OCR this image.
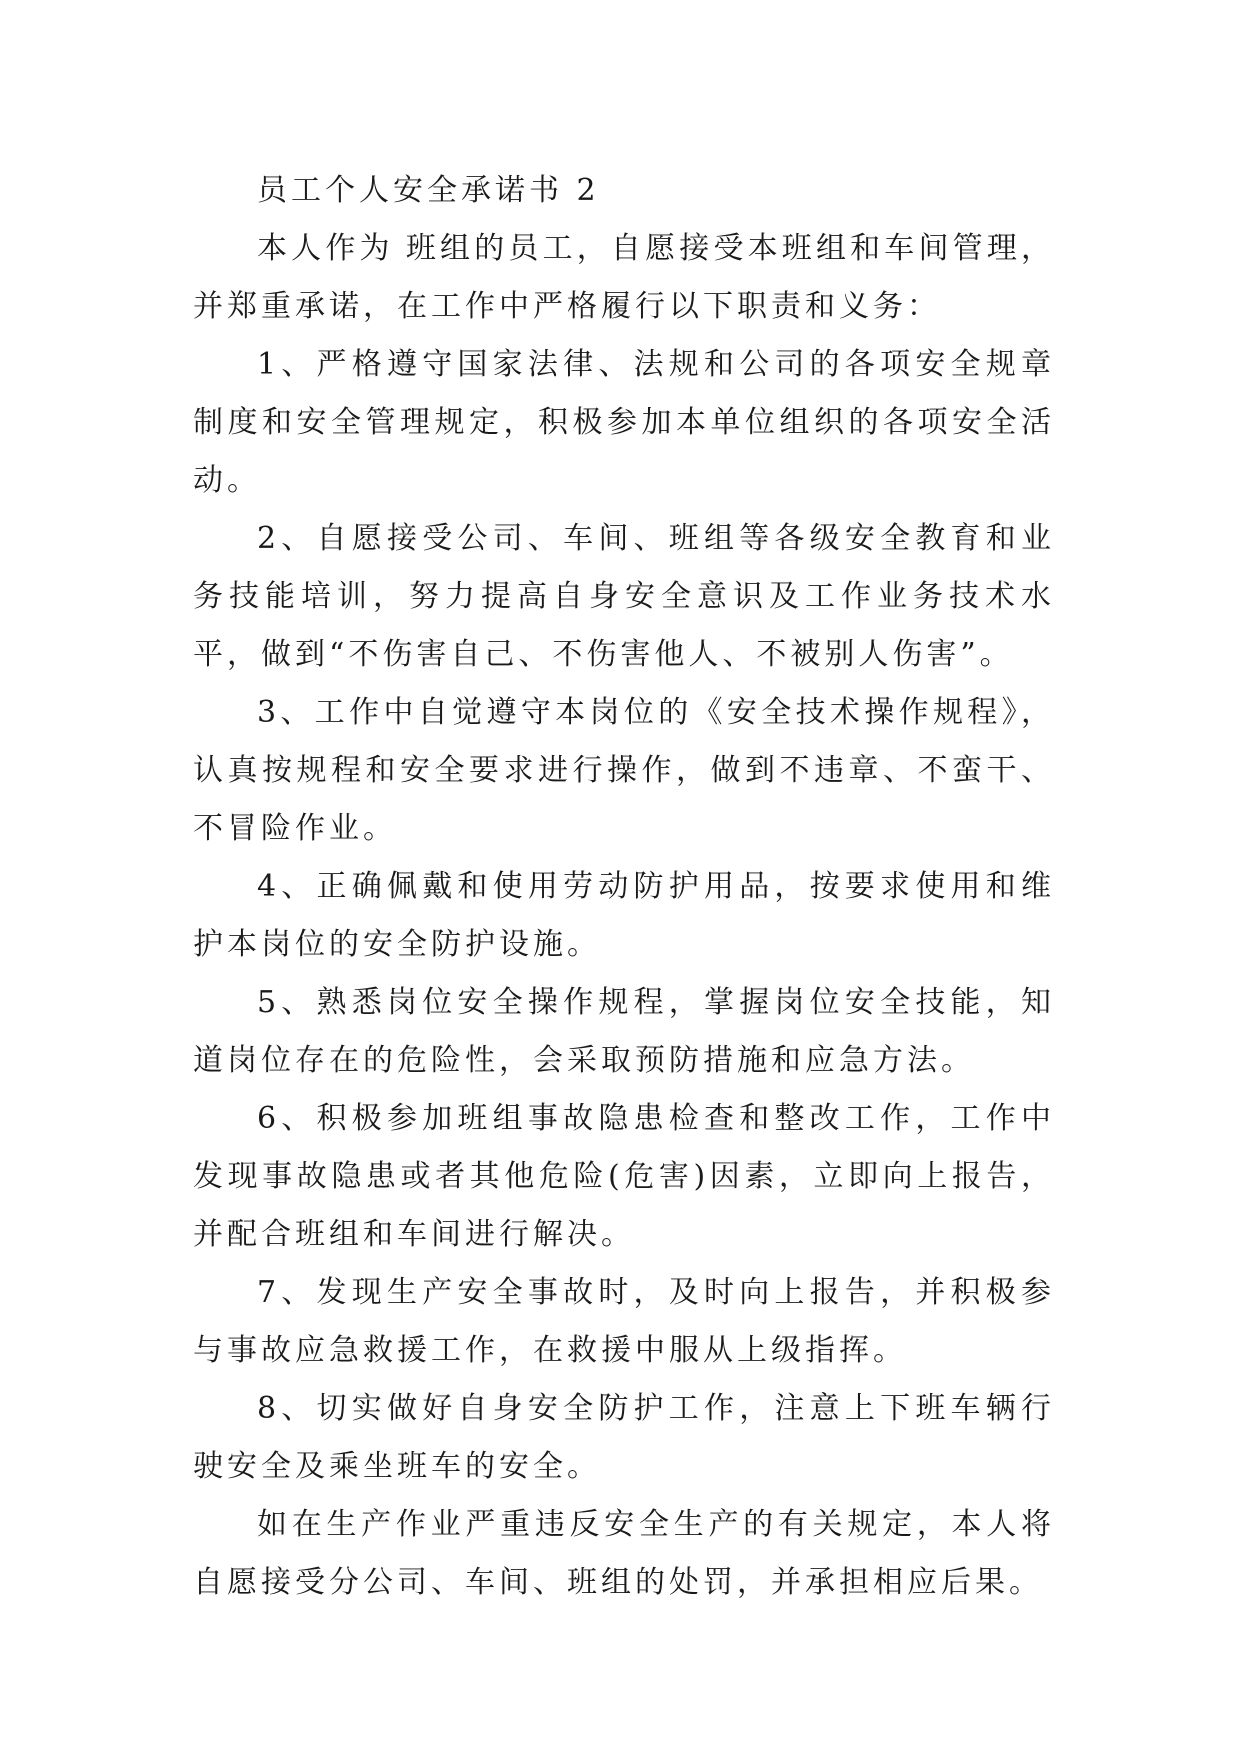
员工个人安全承诺书 2

本人作为 班组的员工，自愿接受本班组和车间管理，并郑重承诺，在工作中严格履行以下职责和义务：

1、严格遵守国家法律、法规和公司的各项安全规章制度和安全管理规定，积极参加本单位组织的各项安全活动。

2、自愿接受公司、车间、班组等各级安全教育和业务技能培训，努力提高自身安全意识及工作业务技术水平，做到“不伤害自己、不伤害他人、不被别人伤害”。

3、工作中自觉遵守本岗位的《安全技术操作规程》，认真按规程和安全要求进行操作，做到不违章、不蛮干、不冒险作业。

4、正确佩戴和使用劳动防护用品，按要求使用和维护本岗位的安全防护设施。

5、熟悉岗位安全操作规程，掌握岗位安全技能，知道岗位存在的危险性，会采取预防措施和应急方法。

6、积极参加班组事故隐患检查和整改工作，工作中发现事故隐患或者其他危险(危害)因素，立即向上报告，并配合班组和车间进行解决。

7、发现生产安全事故时，及时向上报告，并积极参与事故应急救援工作，在救援中服从上级指挥。

8、切实做好自身安全防护工作，注意上下班车辆行驶安全及乘坐班车的安全。

如在生产作业严重违反安全生产的有关规定，本人将自愿接受分公司、车间、班组的处罚，并承担相应后果。
